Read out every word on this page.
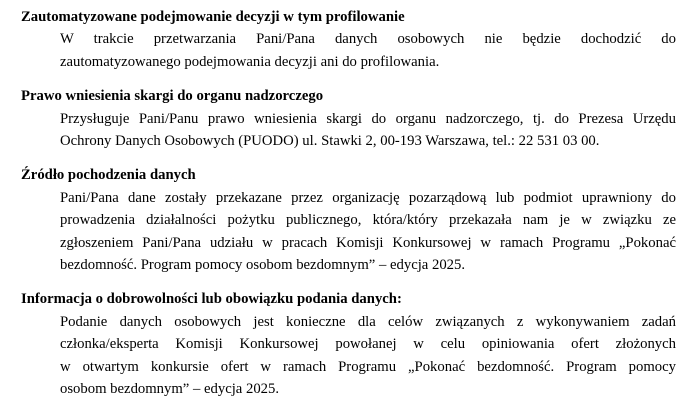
Zautomatyzowane podejmowanie decyzji w tym profilowanie
W trakcie przetwarzania Pani/Pana danych osobowych nie będzie dochodzić do
zautomatyzowanego podejmowania decyzji ani do profilowania.
Prawo wniesienia skargi do organu nadzorczego
Przysługuje Pani/Panu prawo wniesienia skargi do organu nadzorczego, tj. do Prezesa Urzędu
Ochrony Danych Osobowych (PUODO) ul. Stawki 2, 00-193 Warszawa, tel.: 22 531 03 00.
Źródło pochodzenia danych
Pani/Pana dane zostały przekazane przez organizację pozarządową lub podmiot uprawniony do
prowadzenia działalności pożytku publicznego, która/który przekazała nam je w związku ze
zgłoszeniem Pani/Pana udziału w pracach Komisji Konkursowej w ramach Programu „Pokonać
bezdomność. Program pomocy osobom bezdomnym” – edycja 2025.
Informacja o dobrowolności lub obowiązku podania danych:
Podanie danych osobowych jest konieczne dla celów związanych z wykonywaniem zadań
członka/eksperta Komisji Konkursowej powołanej w celu opiniowania ofert złożonych
w otwartym konkursie ofert w ramach Programu „Pokonać bezdomność. Program pomocy
osobom bezdomnym” – edycja 2025.
